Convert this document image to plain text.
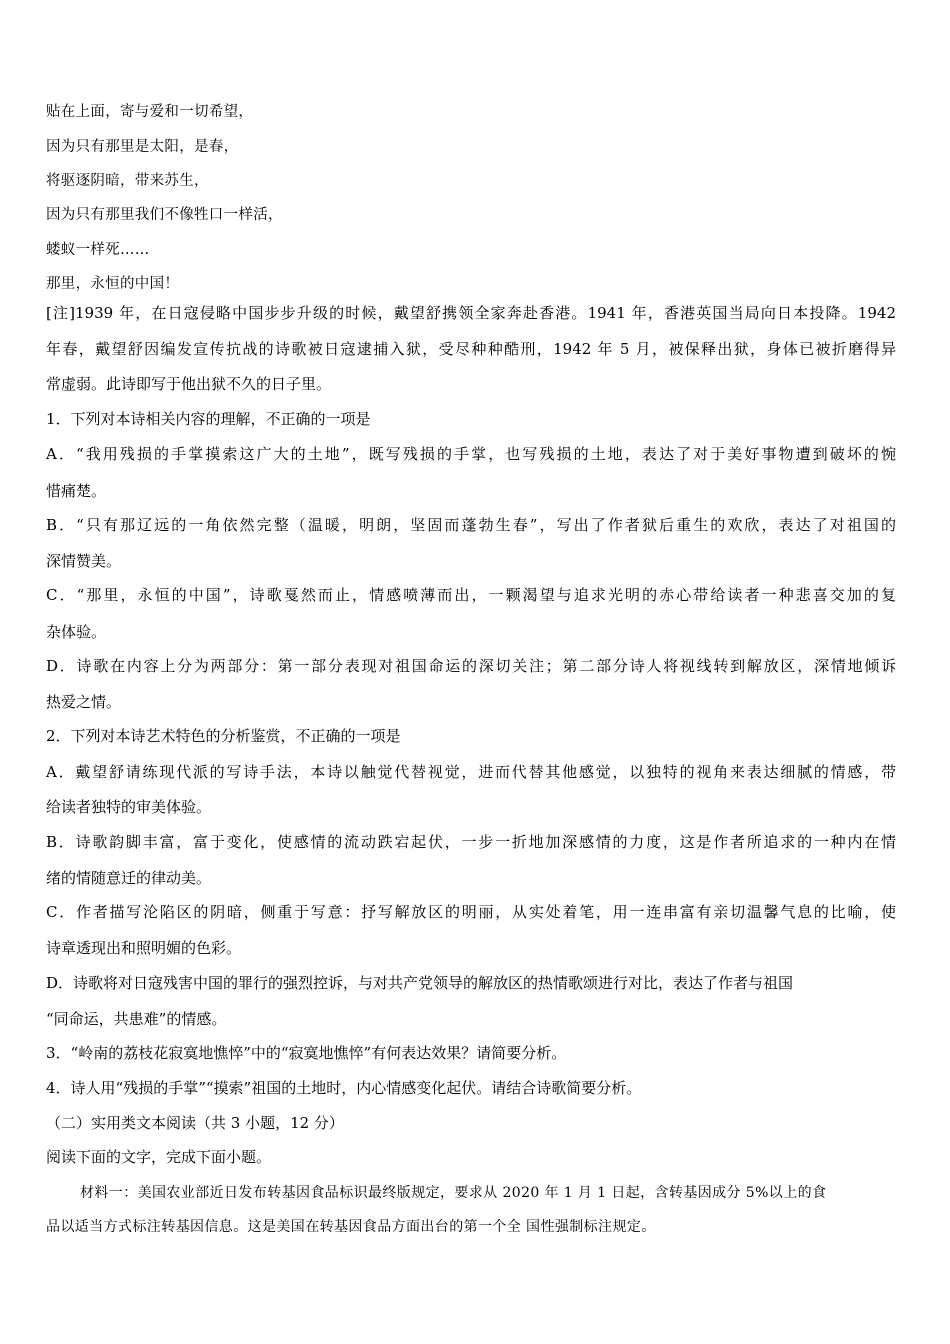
贴在上面，寄与爱和一切希望，

因为只有那里是太阳，是春，

将驱逐阴暗，带来苏生，

因为只有那里我们不像牲口一样活，

蝼蚁一样死……

那里，永恒的中国！

[注]1939 年，在日寇侵略中国步步升级的时候，戴望舒携领全家奔赴香港。1941 年，香港英国当局向日本投降。1942

年春，戴望舒因编发宣传抗战的诗歌被日寇逮捕入狱，受尽种种酷刑，1942 年 5 月，被保释出狱，身体已被折磨得异

常虚弱。此诗即写于他出狱不久的日子里。

1．下列对本诗相关内容的理解，不正确的一项是

A．“我用残损的手掌摸索这广大的土地”，既写残损的手掌，也写残损的土地，表达了对于美好事物遭到破坏的惋

惜痛楚。

B．“只有那辽远的一角依然完整（温暖，明朗，坚固而蓬勃生春”，写出了作者狱后重生的欢欣，表达了对祖国的

深情赞美。

C．“那里，永恒的中国”，诗歌戛然而止，情感喷薄而出，一颗渴望与追求光明的赤心带给读者一种悲喜交加的复

杂体验。

D．诗歌在内容上分为两部分：第一部分表现对祖国命运的深切关注；第二部分诗人将视线转到解放区，深情地倾诉

热爱之情。

2．下列对本诗艺术特色的分析鉴赏，不正确的一项是

A．戴望舒请练现代派的写诗手法，本诗以触觉代替视觉，进而代替其他感觉，以独特的视角来表达细腻的情感，带

给读者独特的审美体验。

B．诗歌韵脚丰富，富于变化，使感情的流动跌宕起伏，一步一折地加深感情的力度，这是作者所追求的一种内在情

绪的情随意迁的律动美。

C．作者描写沦陷区的阴暗，侧重于写意：抒写解放区的明丽，从实处着笔，用一连串富有亲切温馨气息的比喻，使

诗章透现出和照明媚的色彩。

D．诗歌将对日寇残害中国的罪行的强烈控诉，与对共产党领导的解放区的热情歌颂进行对比，表达了作者与祖国

“同命运，共患难”的情感。

3．“岭南的荔枝花寂寞地憔悴”中的“寂寞地憔悴”有何表达效果？请简要分析。

4．诗人用“残损的手掌”“摸索”祖国的土地时，内心情感变化起伏。请结合诗歌简要分析。

（二）实用类文本阅读（共 3 小题，12 分）

阅读下面的文字，完成下面小题。

材料一：美国农业部近日发布转基因食品标识最终版规定，要求从 2020 年 1 月 1 日起，含转基因成分 5%以上的食

品以适当方式标注转基因信息。这是美国在转基因食品方面出台的第一个全 国性强制标注规定。
